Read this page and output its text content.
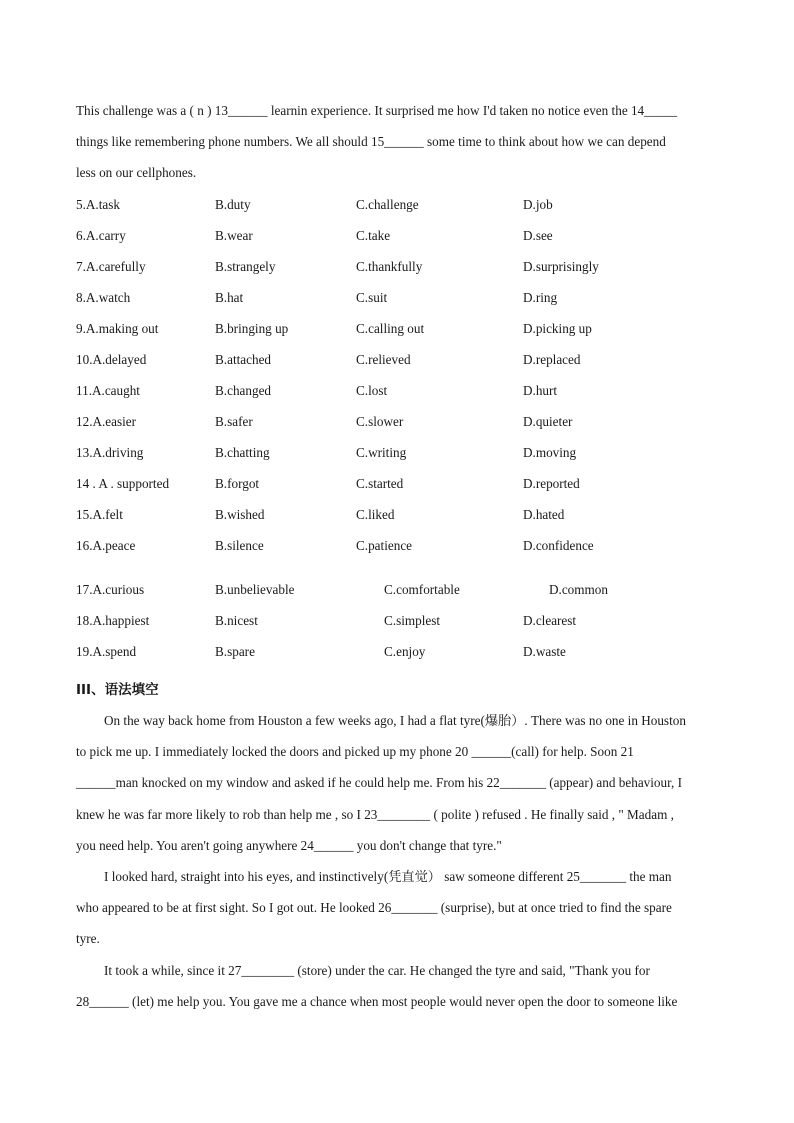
This challenge was a ( n ) 13______ learnin experience. It surprised me how I'd taken no notice even the 14_____
things like remembering phone numbers. We all should 15______ some time to think about how we can depend
less on our cellphones.
5.A.task	B.duty	C.challenge	D.job
6.A.carry	B.wear	C.take	D.see
7.A.carefully	B.strangely	C.thankfully	D.surprisingly
8.A.watch	B.hat	C.suit	D.ring
9.A.making out	B.bringing up	C.calling out	D.picking up
10.A.delayed	B.attached	C.relieved	D.replaced
11.A.caught	B.changed	C.lost	D.hurt
12.A.easier	B.safer	C.slower	D.quieter
13.A.driving	B.chatting	C.writing	D.moving
14 . A . supported	B.forgot	C.started	D.reported
15.A.felt	B.wished	C.liked	D.hated
16.A.peace	B.silence	C.patience	D.confidence
17.A.curious	B.unbelievable	C.comfortable	D.common
18.A.happiest	B.nicest	C.simplest	D.clearest
19.A.spend	B.spare	C.enjoy	D.waste
III、语法填空
On the way back home from Houston a few weeks ago, I had a flat tyre(爆胎）. There was no one in Houston
to pick me up. I immediately locked the doors and picked up my phone 20 ______(call) for help. Soon 21
______man knocked on my window and asked if he could help me. From his 22_______ (appear) and behaviour, I
knew he was far more likely to rob than help me , so I 23________ ( polite ) refused . He finally said , " Madam ,
you need help. You aren't going anywhere 24______ you don't change that tyre."
I looked hard, straight into his eyes, and instinctively(凭直觉） saw someone different 25_______ the man
who appeared to be at first sight. So I got out. He looked 26_______ (surprise), but at once tried to find the spare
tyre.
It took a while, since it 27________ (store) under the car. He changed the tyre and said, "Thank you for
28______ (let) me help you. You gave me a chance when most people would never open the door to someone like
